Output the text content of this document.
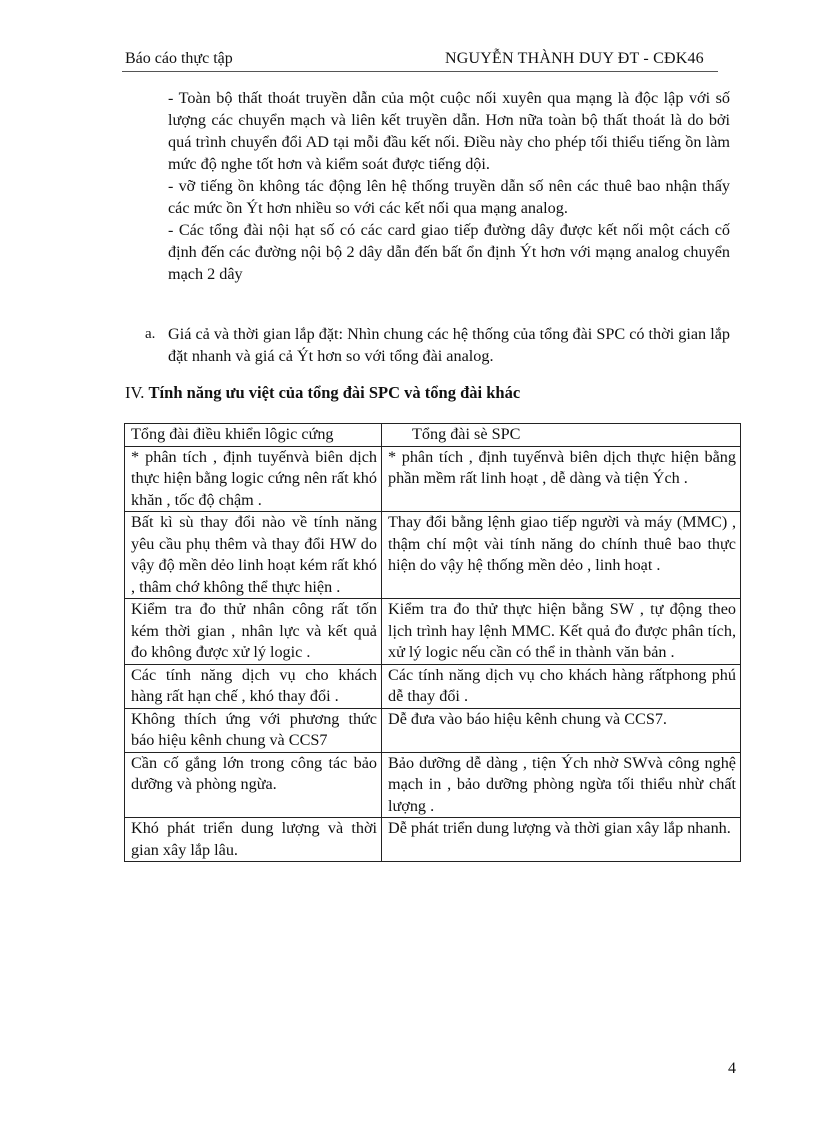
Báo cáo thực tập	NGUYỄN THÀNH DUY ĐT - CĐK46

- Toàn bộ thất thoát truyền dẫn của một cuộc nối xuyên qua mạng là độc lập với số lượng các chuyển mạch và liên kết truyền dẫn. Hơn nữa toàn bộ thất thoát là do bởi quá trình chuyển đổi AD tại mỗi đầu kết nối. Điều này cho phép tối thiểu tiếng ồn làm mức độ nghe tốt hơn và kiểm soát được tiếng dội.

- vỡ tiếng ồn không tác động lên hệ thống truyền dẫn số nên các thuê bao nhận thấy các mức ồn Ýt hơn nhiều so với các kết nối qua mạng analog.

- Các tổng đài nội hạt số có các card giao tiếp đường dây được kết nối một cách cố định đến các đường nội bộ 2 dây dẫn đến bất ổn định Ýt hơn với mạng analog chuyển mạch 2 dây

a. Giá cả và thời gian lắp đặt: Nhìn chung các hệ thống của tổng đài SPC có thời gian lắp đặt nhanh và giá cả Ýt hơn so với tổng đài analog.
IV. Tính năng ưu việt của tổng đài SPC và tổng đài khác
Tổng đài điều khiển lôgic cứng	Tổng đài sè SPC
* phân tích , định tuyếnvà biên dịch thực hiện bằng logic cứng nên rất khó khăn , tốc độ chậm .	* phân tích , định tuyếnvà biên dịch thực hiện bằng phần mềm rất linh hoạt , dễ dàng và tiện Ých .
Bất kì sù thay đổi nào về tính năng yêu cầu phụ thêm và thay đổi HW do vậy độ mền dẻo linh hoạt kém rất khó , thâm chớ không thể thực hiện .	Thay đổi bằng lệnh giao tiếp người và máy (MMC) , thậm chí một vài tính năng do chính thuê bao thực hiện do vậy hệ thống mền dẻo , linh hoạt .
Kiểm tra đo thử nhân công rất tốn kém thời gian , nhân lực và kết quả đo không được xử lý logic .	Kiểm tra đo thử thực hiện bằng SW , tự động theo lịch trình hay lệnh MMC. Kết quả đo được phân tích, xử lý logic nếu cần có thể in thành văn bản .
Các tính năng dịch vụ cho khách hàng rất hạn chế , khó thay đổi .	Các tính năng dịch vụ cho khách hàng rấtphong phú dễ thay đổi .
Không thích ứng với phương thức báo hiệu kênh chung và CCS7	Dễ đưa vào báo hiệu kênh chung và CCS7.
Cần cố gắng lớn trong công tác bảo dưỡng và phòng ngừa.	Bảo dưỡng dễ dàng , tiện Ých nhờ SWvà công nghệ mạch in , bảo dưỡng phòng ngừa tối thiểu nhừ chất lượng .
Khó phát triển dung lượng và thời gian xây lắp lâu.	Dễ phát triển dung lượng và thời gian xây lắp nhanh.
4
